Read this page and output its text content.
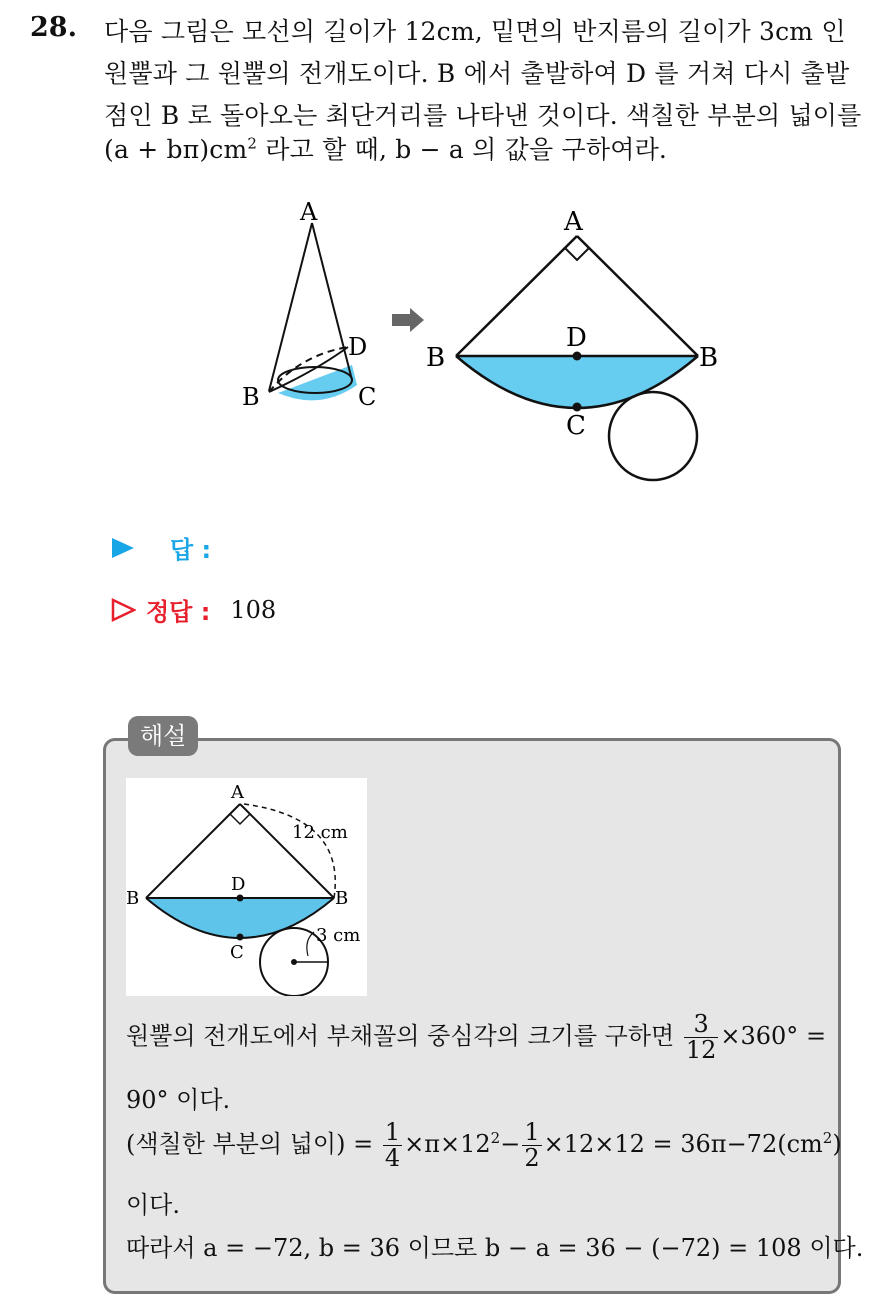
28. 다음 그림은 모선의 길이가 12cm, 밑면의 반지름의 길이가 3cm 인
원뿔과 그 원뿔의 전개도이다. B 에서 출발하여 D 를 거쳐 다시 출발
점인 B 로 돌아오는 최단거리를 나타낸 것이다. 색칠한 부분의 넓이를
$(a + b\pi)cm^2$ 라고 할 때, b − a 의 값을 구하여라.
A
B	C
D
A
B	B
D
C
답 :
정답 : 108
해설
A
B	B
D
C
12 cm
3 cm
원뿔의 전개도에서 부채꼴의 중심각의 크기를 구하면 $\frac{3}{12} \times 360^\circ$ =
90° 이다.
(색칠한 부분의 넓이) = $\frac{1}{4} \times\pi\times 12^2- \frac{1}{2} \times 12\times 12 = 36\pi-72(cm^2)$
이다.
따라서 a = −72, b = 36 이므로 b − a = 36 − (−72) = 108 이다.
